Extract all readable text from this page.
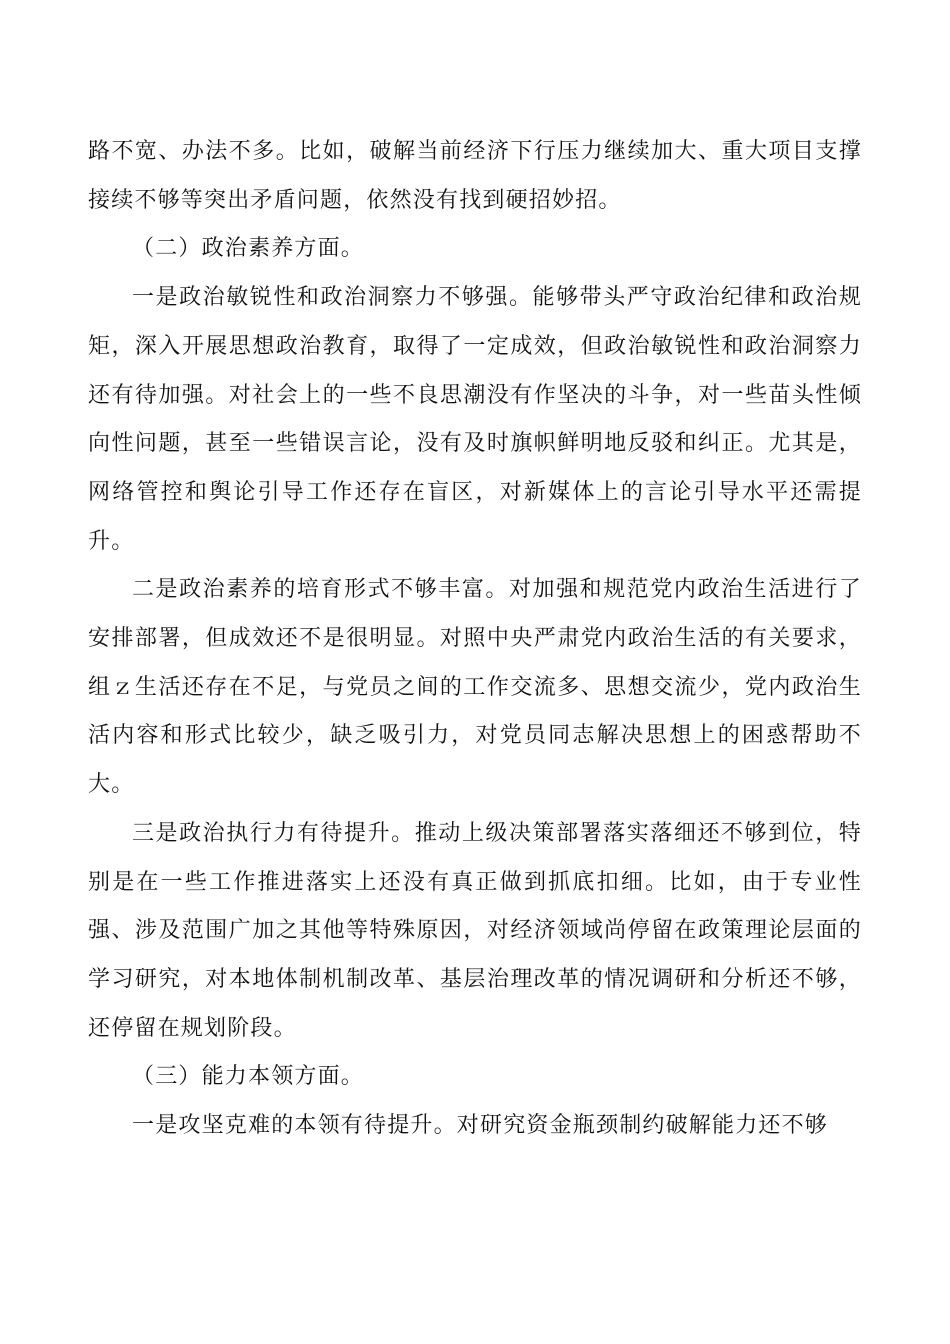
路不宽、办法不多。比如，破解当前经济下行压力继续加大、重大项目支撑接续不够等突出矛盾问题，依然没有找到硬招妙招。

（二）政治素养方面。

一是政治敏锐性和政治洞察力不够强。能够带头严守政治纪律和政治规矩，深入开展思想政治教育，取得了一定成效，但政治敏锐性和政治洞察力还有待加强。对社会上的一些不良思潮没有作坚决的斗争，对一些苗头性倾向性问题，甚至一些错误言论，没有及时旗帜鲜明地反驳和纠正。尤其是，网络管控和舆论引导工作还存在盲区，对新媒体上的言论引导水平还需提升。

二是政治素养的培育形式不够丰富。对加强和规范党内政治生活进行了安排部署，但成效还不是很明显。对照中央严肃党内政治生活的有关要求，组ｚ生活还存在不足，与党员之间的工作交流多、思想交流少，党内政治生活内容和形式比较少，缺乏吸引力，对党员同志解决思想上的困惑帮助不大。

三是政治执行力有待提升。推动上级决策部署落实落细还不够到位，特别是在一些工作推进落实上还没有真正做到抓底扣细。比如，由于专业性强、涉及范围广加之其他等特殊原因，对经济领域尚停留在政策理论层面的学习研究，对本地体制机制改革、基层治理改革的情况调研和分析还不够，还停留在规划阶段。

（三）能力本领方面。

一是攻坚克难的本领有待提升。对研究资金瓶颈制约破解能力还不够
